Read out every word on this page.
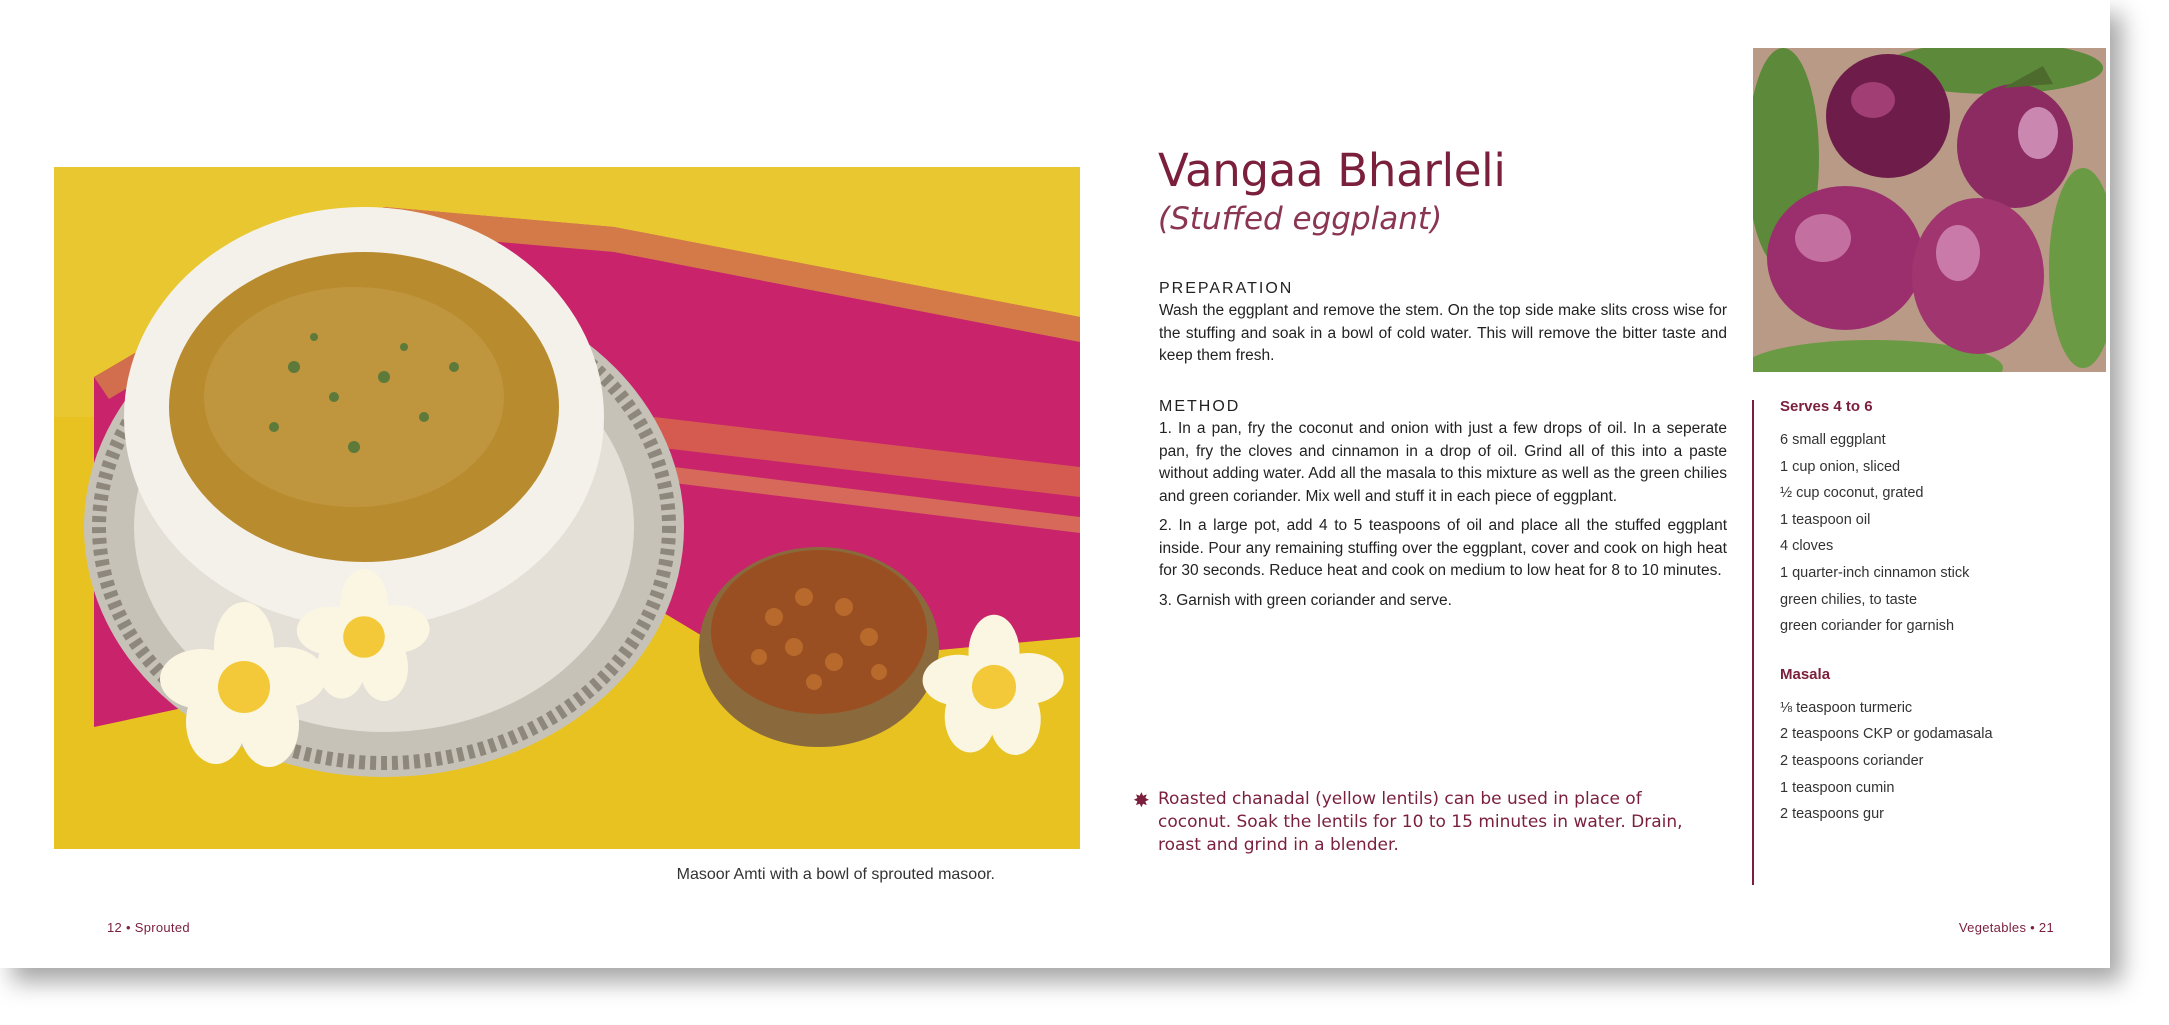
Masoor Amti with a bowl of sprouted masoor.
12 • Sprouted
Vangaa Bharleli
(Stuffed eggplant)
PREPARATION
Wash the eggplant and remove the stem. On the top side make slits cross wise for the stuffing and soak in a bowl of cold water. This will remove the bitter taste and keep them fresh.
METHOD

1. In a pan, fry the coconut and onion with just a few drops of oil. In a seperate pan, fry the cloves and cinnamon in a drop of oil. Grind all of this into a paste without adding water. Add all the masala to this mixture as well as the green chilies and green coriander. Mix well and stuff it in each piece of eggplant.

2. In a large pot, add 4 to 5 teaspoons of oil and place all the stuffed eggplant inside. Pour any remaining stuffing over the eggplant, cover and cook on high heat for 30 seconds. Reduce heat and cook on medium to low heat for 8 to 10 minutes.

3. Garnish with green coriander and serve.

✸ Roasted chanadal (yellow lentils) can be used in place of coconut. Soak the lentils for 10 to 15 minutes in water. Drain, roast and grind in a blender.
Serves 4 to 6
6 small eggplant
1 cup onion, sliced
½ cup coconut, grated
1 teaspoon oil
4 cloves
1 quarter-inch cinnamon stick
green chilies, to taste
green coriander for garnish
Masala
⅛ teaspoon turmeric
2 teaspoons CKP or godamasala
2 teaspoons coriander
1 teaspoon cumin
2 teaspoons gur
Vegetables • 21
